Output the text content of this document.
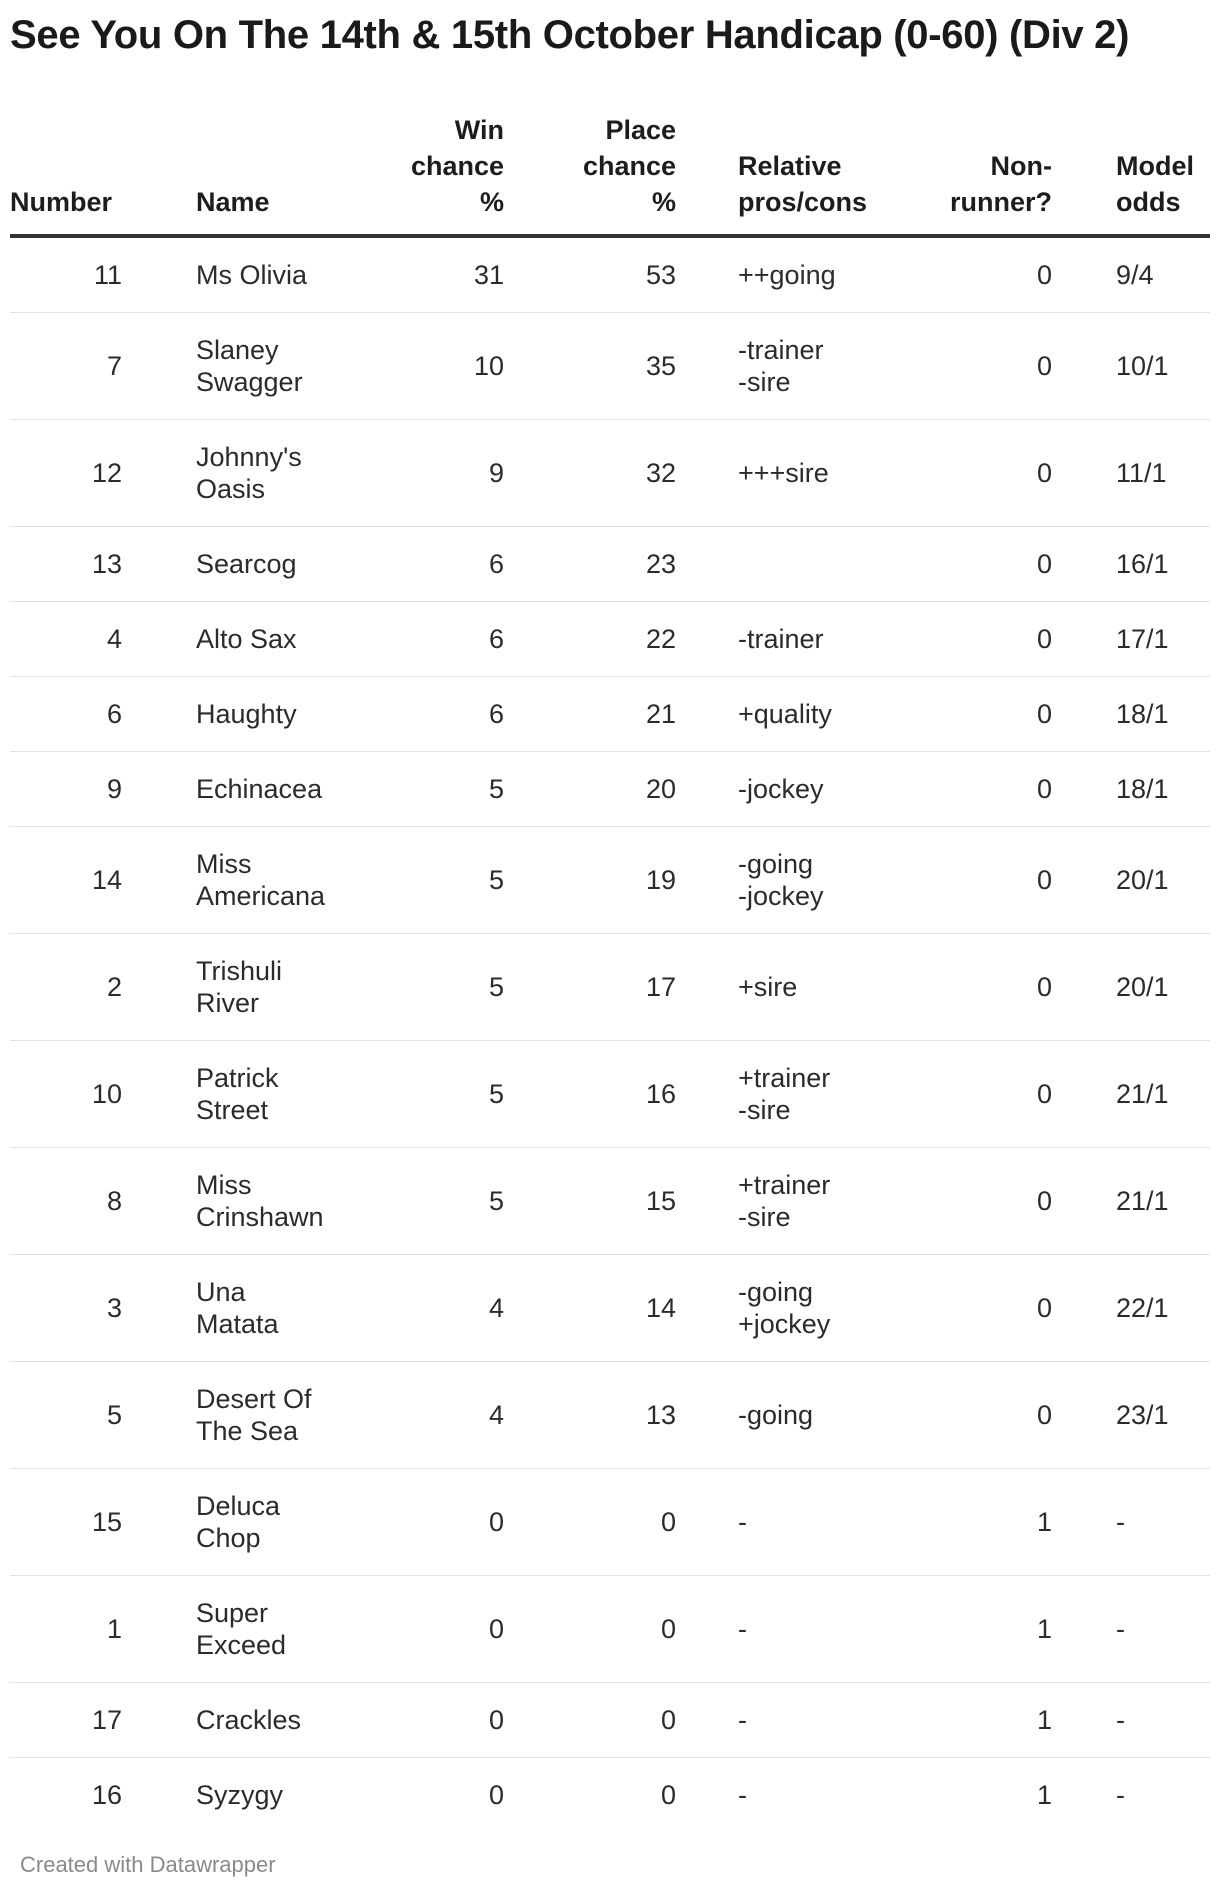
See You On The 14th & 15th October Handicap (0-60) (Div 2)
Number		Name	Win
chance
%	Place
chance
%		Relative
pros/cons	Non-
runner?		Model
odds

11		Ms Olivia	31	53		++going	0		9/4
7		Slaney
Swagger	10	35		-trainer
-sire	0		10/1
12		Johnny's
Oasis	9	32		+++sire	0		11/1
13		Searcog	6	23			0		16/1
4		Alto Sax	6	22		-trainer	0		17/1
6		Haughty	6	21		+quality	0		18/1
9		Echinacea	5	20		-jockey	0		18/1
14		Miss
Americana	5	19		-going
-jockey	0		20/1
2		Trishuli
River	5	17		+sire	0		20/1
10		Patrick
Street	5	16		+trainer
-sire	0		21/1
8		Miss
Crinshawn	5	15		+trainer
-sire	0		21/1
3		Una
Matata	4	14		-going
+jockey	0		22/1
5		Desert Of
The Sea	4	13		-going	0		23/1
15		Deluca
Chop	0	0		-	1		-
1		Super
Exceed	0	0		-	1		-
17		Crackles	0	0		-	1		-
16		Syzygy	0	0		-	1		-
Created with Datawrapper
